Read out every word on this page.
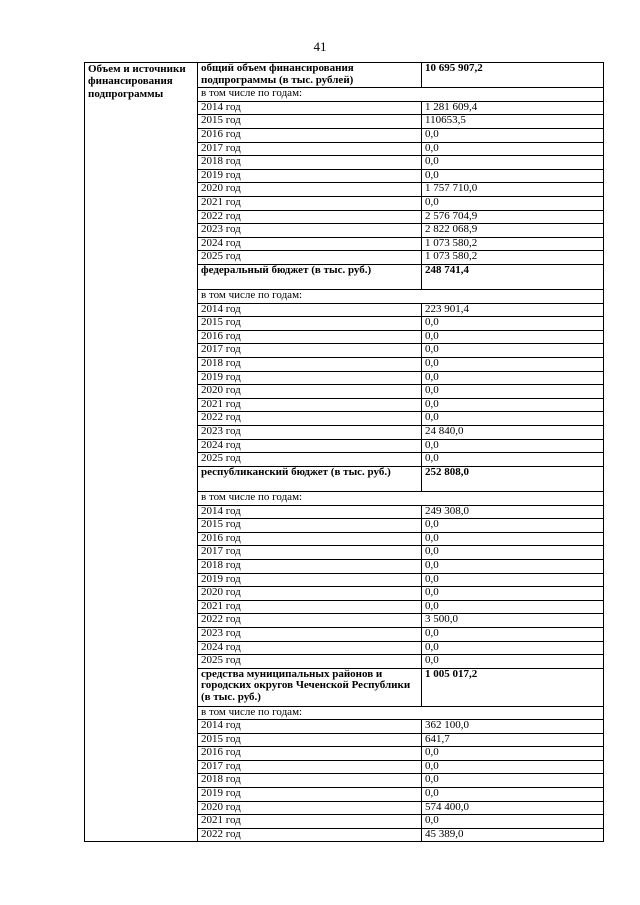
41
Объем и источники финансирования подпрограммы	общий объем финансирования подпрограммы (в тыс. рублей)	10 695 907,2
	в том числе по годам:	
	2014 год	1 281 609,4
	2015 год	110653,5
	2016 год	0,0
	2017 год	0,0
	2018 год	0,0
	2019 год	0,0
	2020 год	1 757 710,0
	2021 год	0,0
	2022 год	2 576 704,9
	2023 год	2 822 068,9
	2024 год	1 073 580,2
	2025 год	1 073 580,2
	федеральный бюджет (в тыс. руб.)	248 741,4
	в том числе по годам:	
	2014 год	223 901,4
	2015 год	0,0
	2016 год	0,0
	2017 год	0,0
	2018 год	0,0
	2019 год	0,0
	2020 год	0,0
	2021 год	0,0
	2022 год	0,0
	2023 год	24 840,0
	2024 год	0,0
	2025 год	0,0
	республиканский бюджет (в тыс. руб.)	252 808,0
	в том числе по годам:	
	2014 год	249 308,0
	2015 год	0,0
	2016 год	0,0
	2017 год	0,0
	2018 год	0,0
	2019 год	0,0
	2020 год	0,0
	2021 год	0,0
	2022 год	3 500,0
	2023 год	0,0
	2024 год	0,0
	2025 год	0,0
	средства муниципальных районов и городских округов Чеченской Республики (в тыс. руб.)	1 005 017,2
	в том числе по годам:	
	2014 год	362 100,0
	2015 год	641,7
	2016 год	0,0
	2017 год	0,0
	2018 год	0,0
	2019 год	0,0
	2020 год	574 400,0
	2021 год	0,0
	2022 год	45 389,0
